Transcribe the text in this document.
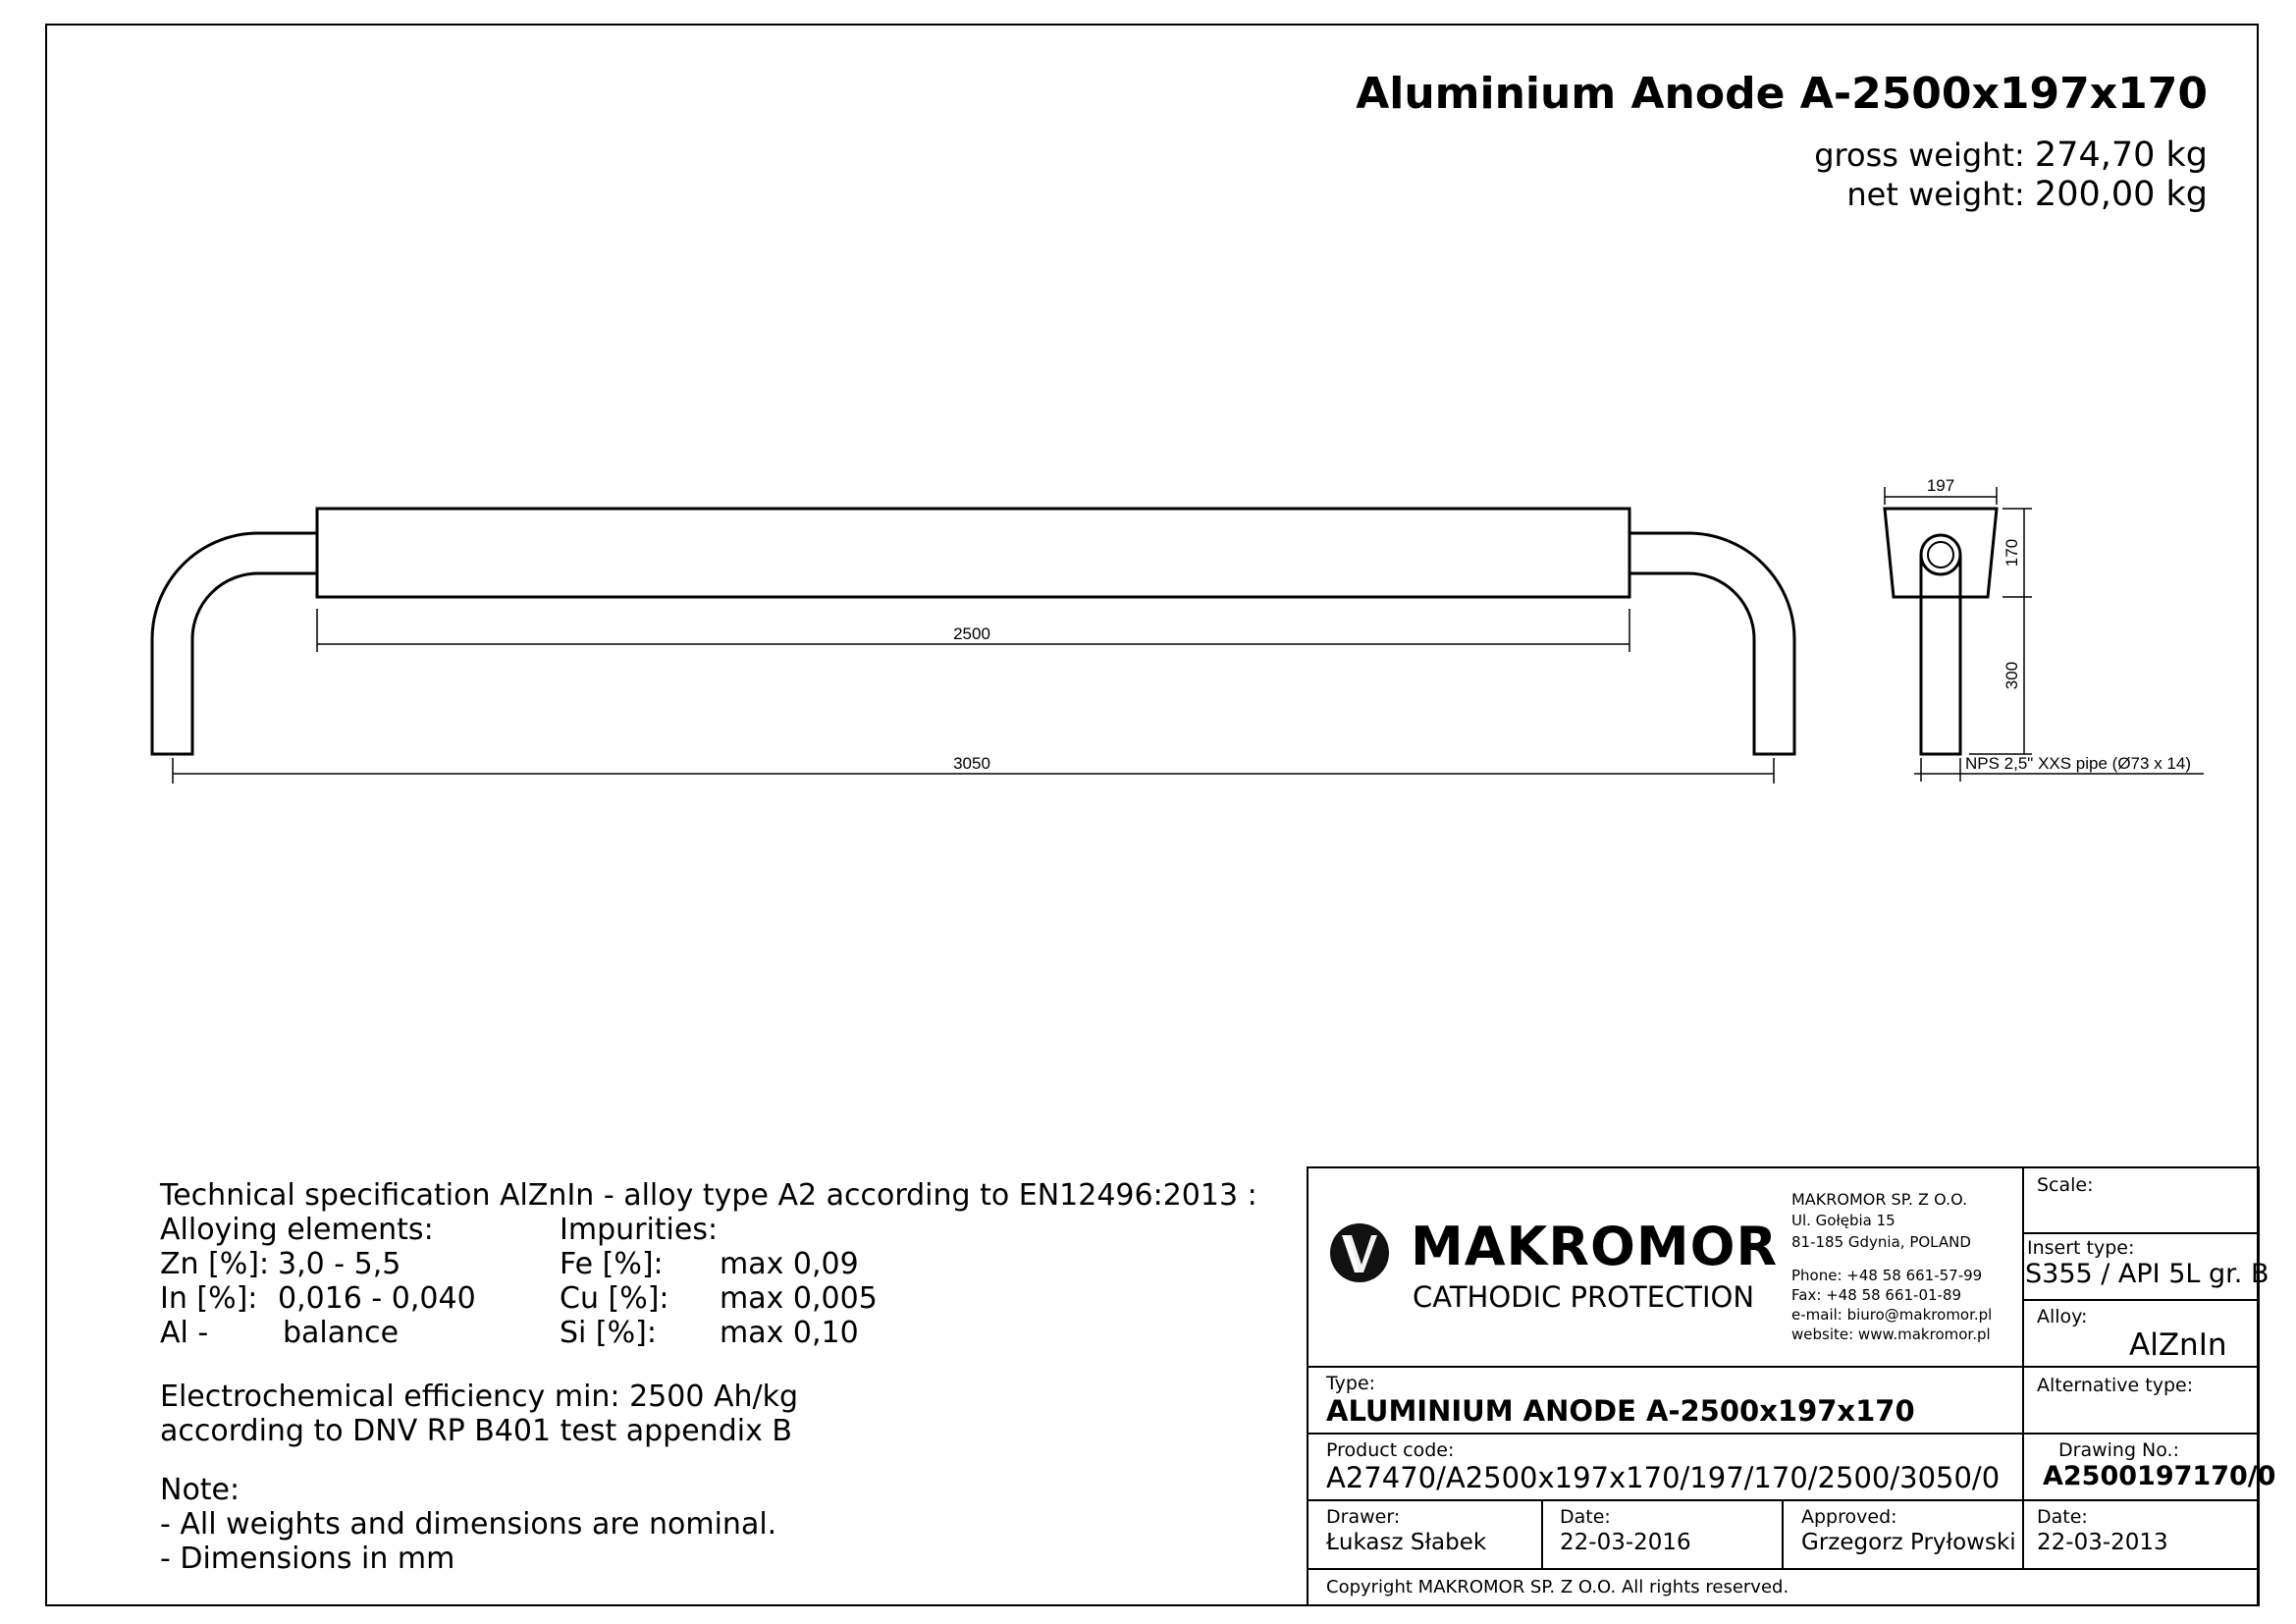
Aluminium Anode A-2500x197x170
gross weight: 274,70 kg
net weight: 200,00 kg
2500
3050
197
170
300
NPS 2,5" XXS pipe (Ø73 x 14)
Technical specification AlZnIn - alloy type A2 according to EN12496:2013 :
Alloying elements:	Impurities:
Zn [%]: 3,0 - 5,5
In [%]: 0,016 - 0,040
Al -	balance
Fe [%]: max 0,09
Cu [%]: max 0,005
Si [%]: max 0,10
Electrochemical efficiency min: 2500 Ah/kg
according to DNV RP B401 test appendix B
Note:
- All weights and dimensions are nominal.
- Dimensions in mm
MAKROMOR
CATHODIC PROTECTION
MAKROMOR SP. Z O.O.
Ul. Gołębia 15
81-185 Gdynia, POLAND
Phone: +48 58 661-57-99
Fax: +48 58 661-01-89
e-mail: biuro@makromor.pl
website: www.makromor.pl
Scale:
Insert type:
S355 / API 5L gr. B
Alloy:
AlZnIn
Alternative type:
Type:
ALUMINIUM ANODE A-2500x197x170
Product code:
A27470/A2500x197x170/197/170/2500/3050/0
Drawing No.:
A2500197170/0
Drawer:
Łukasz Słabek
Date:
22-03-2016
Approved:
Grzegorz Pryłowski
Date:
22-03-2013
Copyright MAKROMOR SP. Z O.O. All rights reserved.
